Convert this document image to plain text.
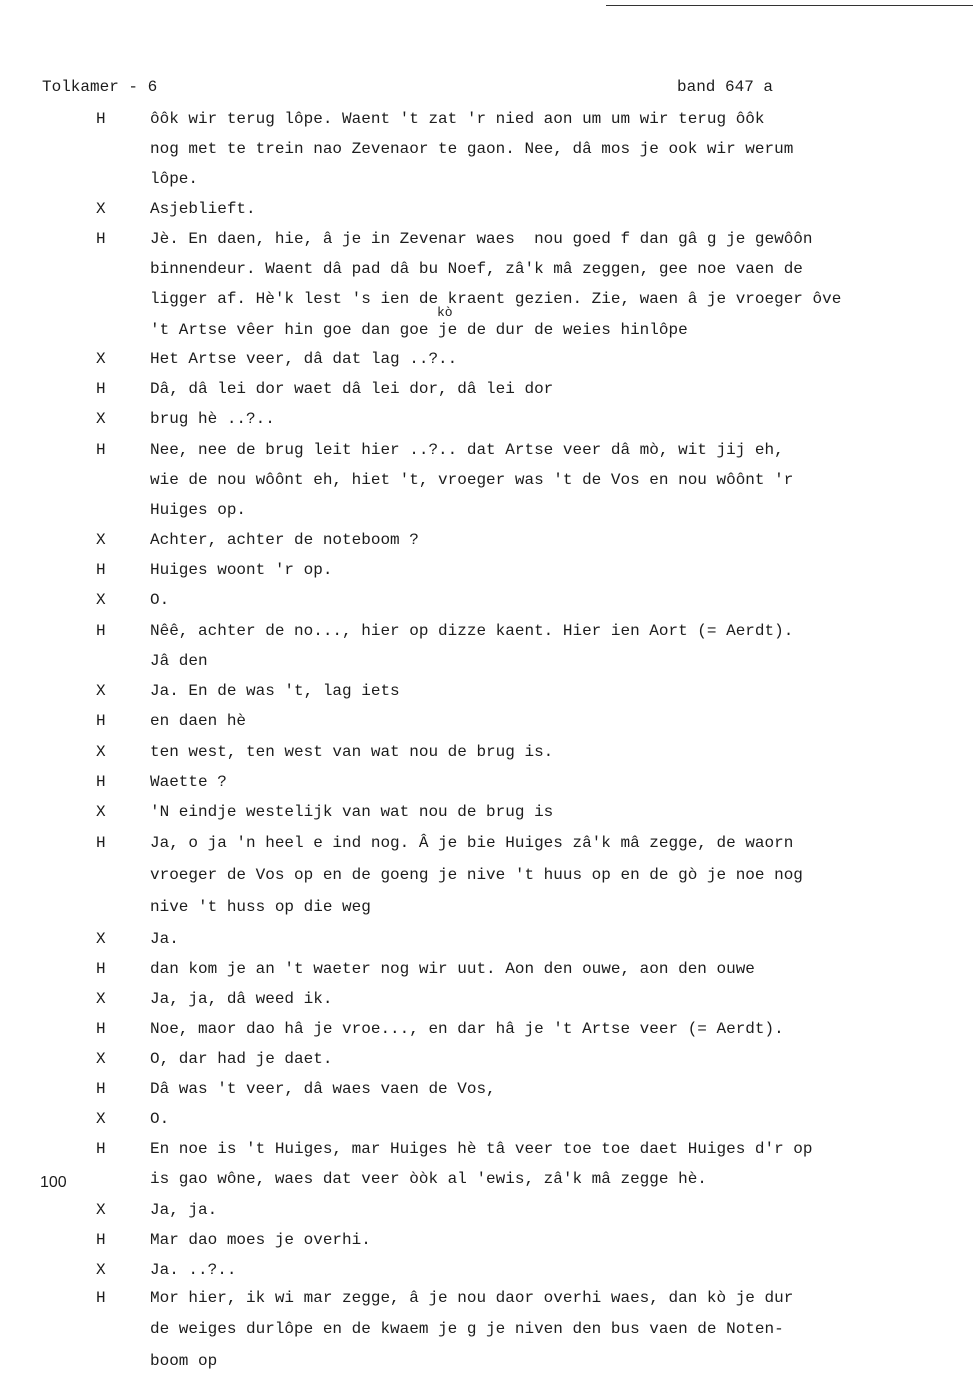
Tolkamer - 6	band 647 a
kò
100
H	ôôk wir terug lôpe. Waent 't zat 'r nied aon um um wir terug ôôk
nog met te trein nao Zevenaor te gaon. Nee, dâ mos je ook wir werum
lôpe.
X	Asjeblieft.
H	Jè. En daen, hie, â je in Zevenar waes  nou goed f dan gâ g je gewôôn
binnendeur. Waent dâ pad dâ bu Noef, zâ'k mâ zeggen, gee noe vaen de
ligger af. Hè'k lest 's ien de kraent gezien. Zie, waen â je vroeger ôve
't Artse vêer hin goe dan goe je de dur de weies hinlôpe
X	Het Artse veer, dâ dat lag ..?..
H	Dâ, dâ lei dor waet dâ lei dor, dâ lei dor
X	brug hè ..?..
H	Nee, nee de brug leit hier ..?.. dat Artse veer dâ mò, wit jij eh,
wie de nou wôônt eh, hiet 't, vroeger was 't de Vos en nou wôônt 'r
Huiges op.
X	Achter, achter de noteboom ?
H	Huiges woont 'r op.
X	O.
H	Nêê, achter de no..., hier op dizze kaent. Hier ien Aort (= Aerdt).
Jâ den
X	Ja. En de was 't, lag iets
H	en daen hè
X	ten west, ten west van wat nou de brug is.
H	Waette ?
X	'N eindje westelijk van wat nou de brug is
H	Ja, o ja 'n heel e ind nog. Â je bie Huiges zâ'k mâ zegge, de waorn
vroeger de Vos op en de goeng je nive 't huus op en de gò je noe nog
nive 't huss op die weg
X	Ja.
H	dan kom je an 't waeter nog wir uut. Aon den ouwe, aon den ouwe
X	Ja, ja, dâ weed ik.
H	Noe, maor dao hâ je vroe..., en dar hâ je 't Artse veer (= Aerdt).
X	O, dar had je daet.
H	Dâ was 't veer, dâ waes vaen de Vos,
X	O.
H	En noe is 't Huiges, mar Huiges hè tâ veer toe toe daet Huiges d'r op
is gao wône, waes dat veer òòk al 'ewis, zâ'k mâ zegge hè.
X	Ja, ja.
H	Mar dao moes je overhi.
X	Ja. ..?..
H	Mor hier, ik wi mar zegge, â je nou daor overhi waes, dan kò je dur
de weiges durlôpe en de kwaem je g je niven den bus vaen de Noten-
boom op
